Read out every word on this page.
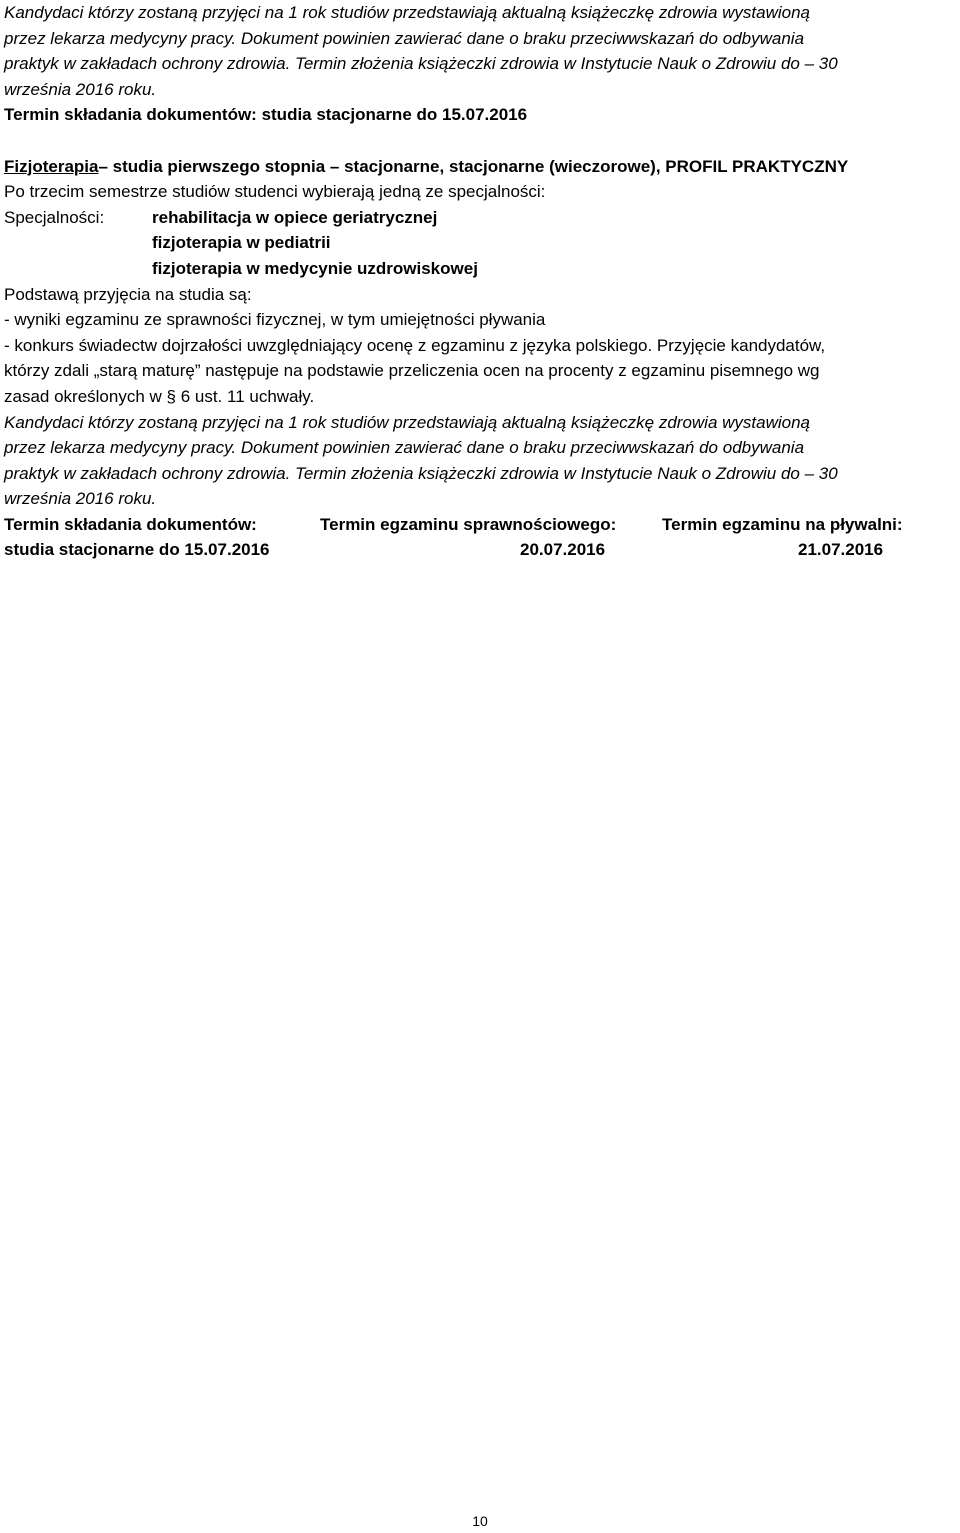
Kandydaci którzy zostaną przyjęci na 1 rok studiów przedstawiają aktualną książeczkę zdrowia wystawioną

przez lekarza medycyny pracy. Dokument powinien zawierać dane o braku przeciwwskazań do odbywania

praktyk w zakładach ochrony zdrowia. Termin złożenia książeczki zdrowia w Instytucie Nauk o Zdrowiu do – 30

września 2016 roku.

Termin składania dokumentów: studia stacjonarne do 15.07.2016
Fizjoterapia– studia pierwszego stopnia – stacjonarne, stacjonarne (wieczorowe), PROFIL PRAKTYCZNY
Po trzecim semestrze studiów studenci wybierają jedną ze specjalności:
Specjalności:	rehabilitacja w opiece geriatrycznej
fizjoterapia w pediatrii
fizjoterapia w medycynie uzdrowiskowej
Podstawą przyjęcia na studia są:
- wyniki egzaminu ze sprawności fizycznej, w tym umiejętności pływania
- konkurs świadectw dojrzałości uwzględniający ocenę z egzaminu z języka polskiego. Przyjęcie kandydatów,

którzy zdali „starą maturę” następuje na podstawie przeliczenia ocen na procenty z egzaminu pisemnego wg

zasad określonych w § 6 ust. 11 uchwały.

Kandydaci którzy zostaną przyjęci na 1 rok studiów przedstawiają aktualną książeczkę zdrowia wystawioną

przez lekarza medycyny pracy. Dokument powinien zawierać dane o braku przeciwwskazań do odbywania

praktyk w zakładach ochrony zdrowia. Termin złożenia książeczki zdrowia w Instytucie Nauk o Zdrowiu do – 30

września 2016 roku.

Termin składania dokumentów:	Termin egzaminu sprawnościowego:	Termin egzaminu na pływalni:
studia stacjonarne do 15.07.2016	20.07.2016	21.07.2016
10
